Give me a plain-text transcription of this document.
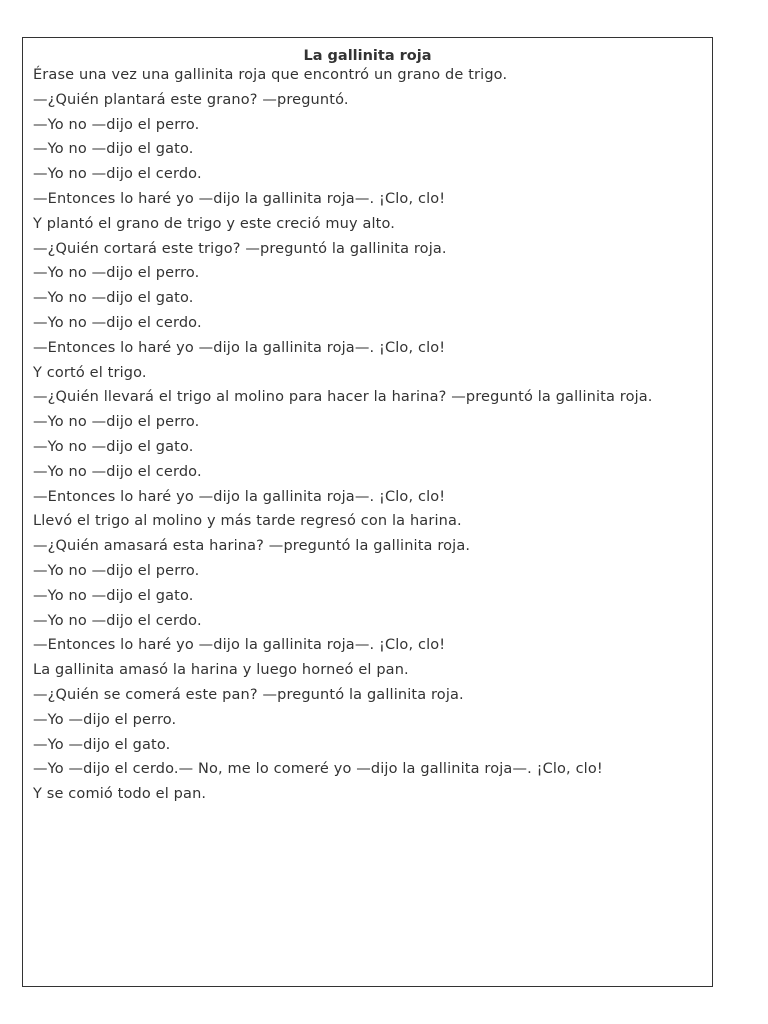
La gallinita roja

Érase una vez una gallinita roja que encontró un grano de trigo.

—¿Quién plantará este grano? —preguntó.

—Yo no —dijo el perro.

—Yo no —dijo el gato.

—Yo no —dijo el cerdo.

—Entonces lo haré yo —dijo la gallinita roja—. ¡Clo, clo!

Y plantó el grano de trigo y este creció muy alto.

—¿Quién cortará este trigo? —preguntó la gallinita roja.

—Yo no —dijo el perro.

—Yo no —dijo el gato.

—Yo no —dijo el cerdo.

—Entonces lo haré yo —dijo la gallinita roja—. ¡Clo, clo!

Y cortó el trigo.

—¿Quién llevará el trigo al molino para hacer la harina? —preguntó la gallinita roja.

—Yo no —dijo el perro.

—Yo no —dijo el gato.

—Yo no —dijo el cerdo.

—Entonces lo haré yo —dijo la gallinita roja—. ¡Clo, clo!

Llevó el trigo al molino y más tarde regresó con la harina.

—¿Quién amasará esta harina? —preguntó la gallinita roja.

—Yo no —dijo el perro.

—Yo no —dijo el gato.

—Yo no —dijo el cerdo.

—Entonces lo haré yo —dijo la gallinita roja—. ¡Clo, clo!

La gallinita amasó la harina y luego horneó el pan.

—¿Quién se comerá este pan? —preguntó la gallinita roja.

—Yo —dijo el perro.

—Yo —dijo el gato.

—Yo —dijo el cerdo.— No, me lo comeré yo —dijo la gallinita roja—. ¡Clo, clo!

Y se comió todo el pan.
